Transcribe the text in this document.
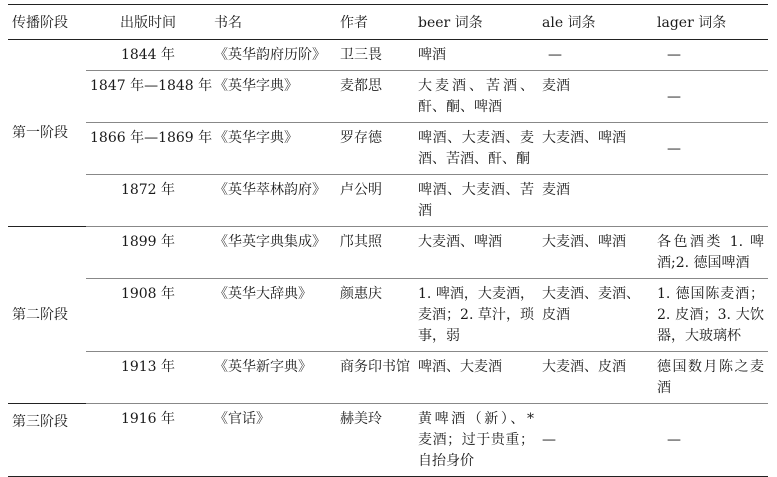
传播阶段	出版时间	书名	作者	beer 词条	ale 词条	lager 词条
第一阶段	1844 年	《英华韵府历阶》	卫三畏	啤酒	—	—
	1847 年—1848 年	《英华字典》	麦都思	大麦酒、苦酒、酐、酮、啤酒	麦酒	—
	1866 年—1869 年	《英华字典》	罗存德	啤酒、大麦酒、麦酒、苦酒、酐、酮	大麦酒、啤酒	—
	1872 年	《英华萃林韵府》	卢公明	啤酒、大麦酒、苦酒	麦酒	
第二阶段	1899 年	《华英字典集成》	邝其照	大麦酒、啤酒	大麦酒、啤酒	各色酒类 1. 啤酒;2. 德国啤酒
	1908 年	《英华大辞典》	颜惠庆	1. 啤酒，大麦酒，麦酒；2. 草汁，琐事，弱	大麦酒、麦酒、皮酒	1. 德国陈麦酒；2. 皮酒；3. 大饮器，大玻璃杯
	1913 年	《英华新字典》	商务印书馆	啤酒、大麦酒	大麦酒、皮酒	德国数月陈之麦酒
第三阶段	1916 年	《官话》	赫美玲	黄啤酒（新）、* 麦酒；过于贵重；自抬身价	—	—
